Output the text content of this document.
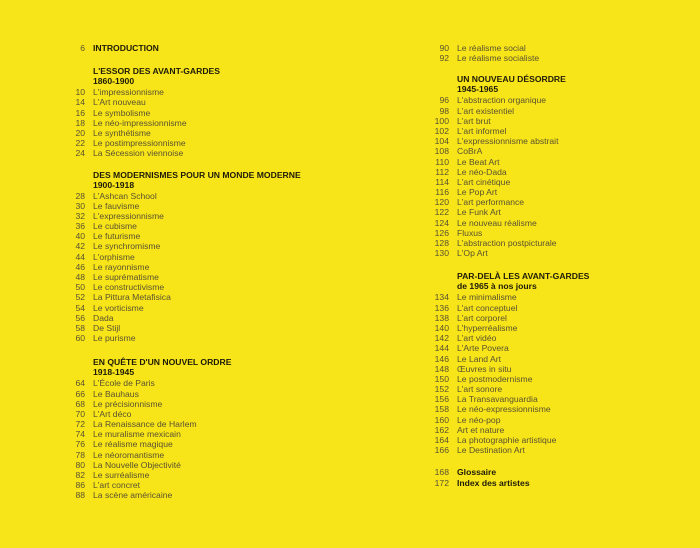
6 INTRODUCTION
L'ESSOR DES AVANT-GARDES
1860-1900
10 L'impressionnisme
14 L'Art nouveau
16 Le symbolisme
18 Le néo-impressionnisme
20 Le synthétisme
22 Le postimpressionnisme
24 La Sécession viennoise
DES MODERNISMES POUR UN MONDE MODERNE
1900-1918
28 L'Ashcan School
30 Le fauvisme
32 L'expressionnisme
36 Le cubisme
40 Le futurisme
42 Le synchromisme
44 L'orphisme
46 Le rayonnisme
48 Le suprématisme
50 Le constructivisme
52 La Pittura Metafisica
54 Le vorticisme
56 Dada
58 De Stijl
60 Le purisme
EN QUÊTE D'UN NOUVEL ORDRE
1918-1945
64 L'École de Paris
66 Le Bauhaus
68 Le précisionnisme
70 L'Art déco
72 La Renaissance de Harlem
74 Le muralisme mexicain
76 Le réalisme magique
78 Le néoromantisme
80 La Nouvelle Objectivité
82 Le surréalisme
86 L'art concret
88 La scène américaine
90 Le réalisme social
92 Le réalisme socialiste
UN NOUVEAU DÉSORDRE
1945-1965
96 L'abstraction organique
98 L'art existentiel
100 L'art brut
102 L'art informel
104 L'expressionnisme abstrait
108 CoBrA
110 Le Beat Art
112 Le néo-Dada
114 L'art cinétique
116 Le Pop Art
120 L'art performance
122 Le Funk Art
124 Le nouveau réalisme
126 Fluxus
128 L'abstraction postpicturale
130 L'Op Art
PAR-DELÀ LES AVANT-GARDES
de 1965 à nos jours
134 Le minimalisme
136 L'art conceptuel
138 L'art corporel
140 L'hyperréalisme
142 L'art vidéo
144 L'Arte Povera
146 Le Land Art
148 Œuvres in situ
150 Le postmodernisme
152 L'art sonore
156 La Transavanguardia
158 Le néo-expressionnisme
160 Le néo-pop
162 Art et nature
164 La photographie artistique
166 Le Destination Art
168 Glossaire
172 Index des artistes
